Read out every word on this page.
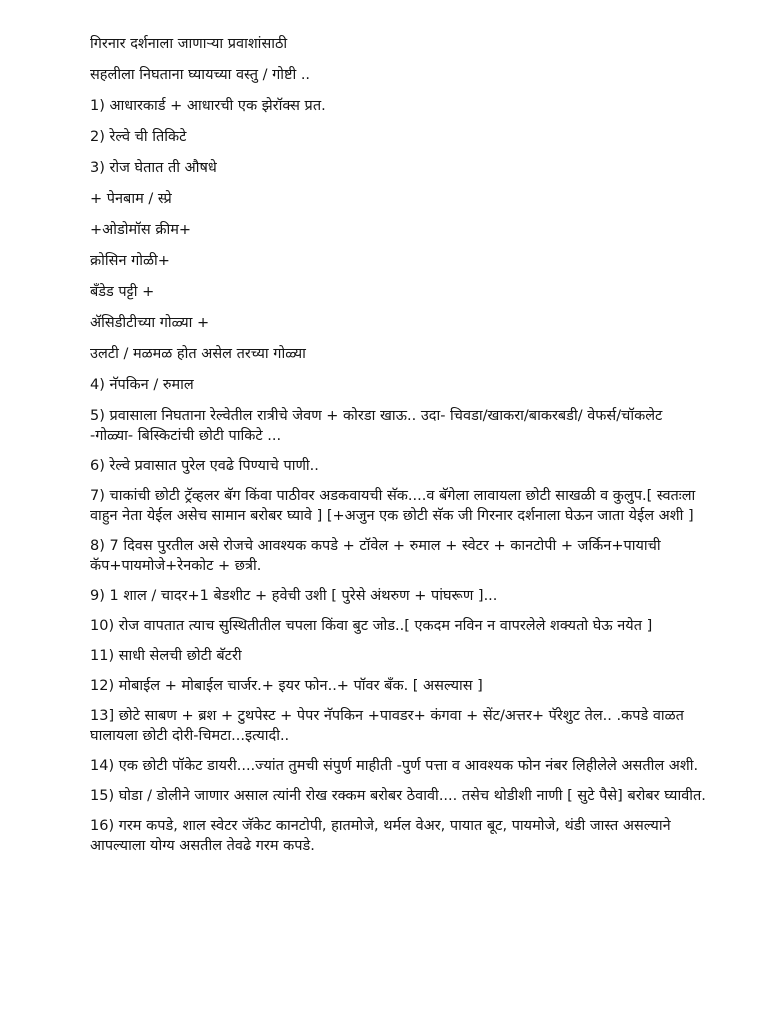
गिरनार दर्शनाला जाणाऱ्या प्रवाशांसाठी

सहलीला निघताना घ्यायच्या वस्तु / गोष्टी ..

1) आधारकार्ड + आधारची एक झेरॉक्स प्रत.

2) रेल्वे ची तिकिटे

3) रोज घेतात ती औषधे

+ पेनबाम / स्प्रे

+ओडोमॉस क्रीम+

क्रोसिन गोळी+

बँडेड पट्टी +

ॲसिडीटीच्या गोळ्या +

उलटी / मळमळ होत असेल तरच्या गोळ्या

4) नॅपकिन / रुमाल

5) प्रवासाला निघताना रेल्वेतील रात्रीचे जेवण + कोरडा खाऊ.. उदा- चिवडा/खाकरा/बाकरबडी/ वेफर्स/चॉकलेट -गोळ्या- बिस्किटांची छोटी पाकिटे ...

6) रेल्वे प्रवासात पुरेल एवढे पिण्याचे पाणी..

7) चाकांची छोटी ट्रॅव्हलर बॅग किंवा पाठीवर अडकवायची सॅक....व बॅगेला लावायला छोटी साखळी व कुलुप.[ स्वतःला वाहुन नेता येईल असेच सामान बरोबर घ्यावे ] [+अजुन एक छोटी सॅक जी गिरनार दर्शनाला घेऊन जाता येईल अशी ]

8) 7 दिवस पुरतील असे रोजचे आवश्यक कपडे + टॉवेल + रुमाल + स्वेटर + कानटोपी + जर्किन+पायाची कॅप+पायमोजे+रेनकोट + छत्री.

9) 1 शाल / चादर+1 बेडशीट + हवेची उशी [ पुरेसे अंथरुण + पांघरूण ]...

10) रोज वापतात त्याच सुस्थितीतील चपला किंवा बुट जोड..[ एकदम नविन न वापरलेले शक्यतो घेऊ नयेत ]

11) साधी सेलची छोटी बॅटरी

12) मोबाईल + मोबाईल चार्जर.+ इयर फोन..+ पॉवर बँक. [ असल्यास ]

13] छोटे साबण + ब्रश + टुथपेस्ट + पेपर नॅपकिन +पावडर+ कंगवा + सेंट/अत्तर+ पॅरेशुट तेल.. .कपडे वाळत घालायला छोटी दोरी-चिमटा...इत्यादी..

14) एक छोटी पॉकेट डायरी....ज्यांत तुमची संपुर्ण माहीती -पुर्ण पत्ता व आवश्यक फोन नंबर लिहीलेले असतील अशी.

15) घोडा / डोलीने जाणार असाल त्यांनी रोख रक्कम बरोबर ठेवावी.... तसेच थोडीशी नाणी [ सुटे पैसे] बरोबर घ्यावीत.

16) गरम कपडे, शाल स्वेटर जॅकेट कानटोपी, हातमोजे, थर्मल वेअर, पायात बूट, पायमोजे, थंडी जास्त असल्याने आपल्याला योग्य असतील तेवढे गरम कपडे.
